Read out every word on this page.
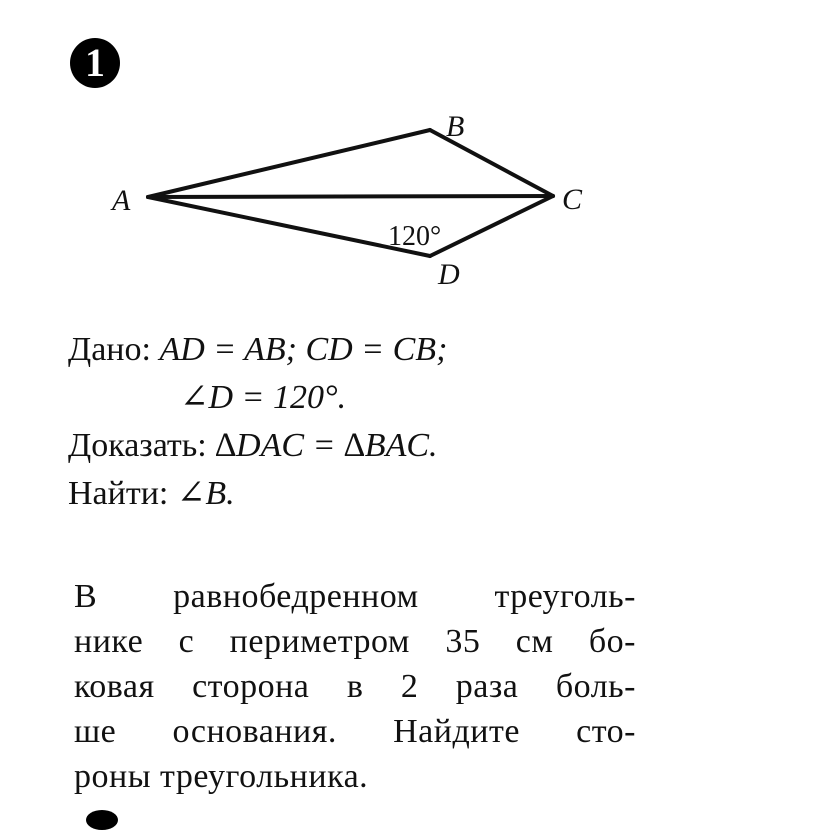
1
A
B
C
D
120°
Дано: AD = AB; CD = CB;
∠D = 120°.
Доказать: ∆DAC = ∆BAC.
Найти: ∠B.
В равнобедренном треуголь-
нике с периметром 35 см бо-
ковая сторона в 2 раза боль-
ше основания. Найдите сто-
роны треугольника.
